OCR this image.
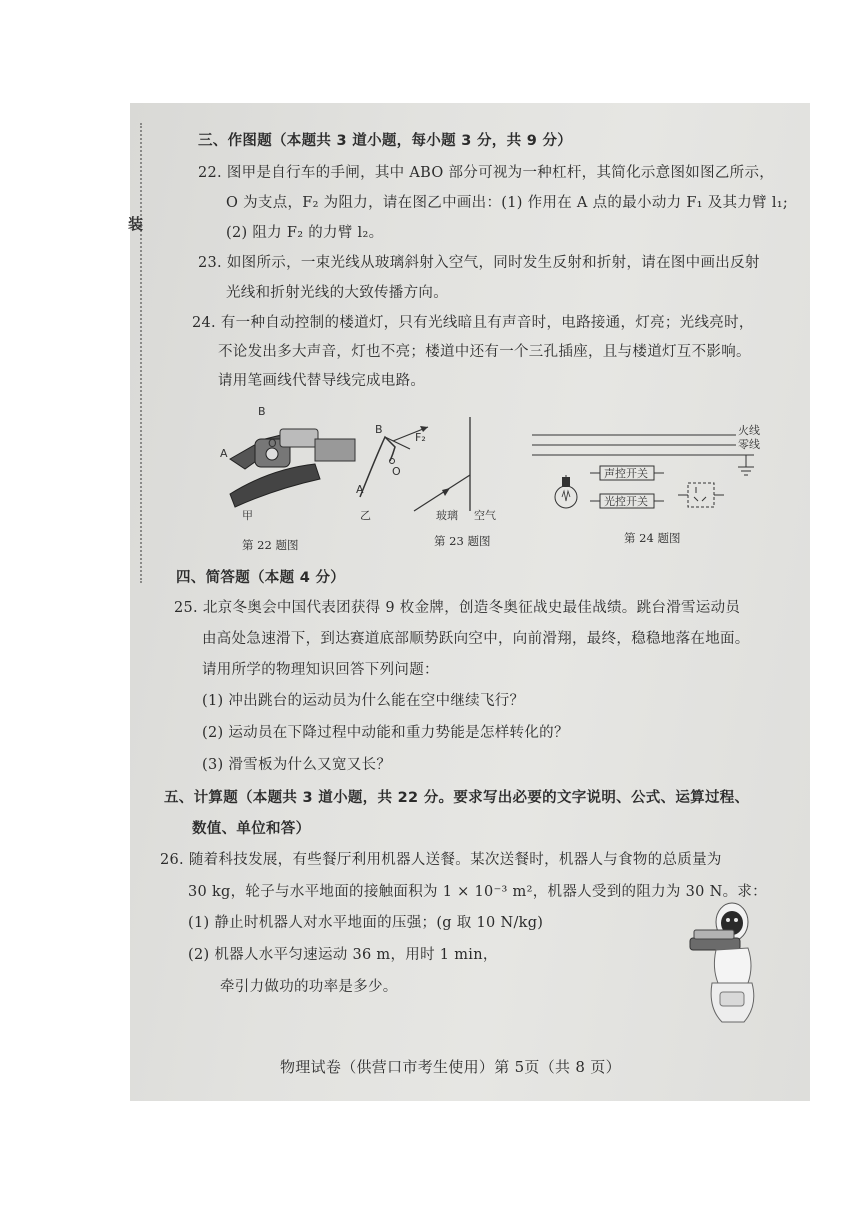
装
三、作图题（本题共 3 道小题，每小题 3 分，共 9 分）
22. 图甲是自行车的手闸，其中 ABO 部分可视为一种杠杆，其简化示意图如图乙所示，
O 为支点，F₂ 为阻力，请在图乙中画出：(1) 作用在 A 点的最小动力 F₁ 及其力臂 l₁;
(2) 阻力 F₂ 的力臂 l₂。
23. 如图所示，一束光线从玻璃斜射入空气，同时发生反射和折射，请在图中画出反射
光线和折射光线的大致传播方向。
24. 有一种自动控制的楼道灯，只有光线暗且有声音时，电路接通，灯亮；光线亮时，
不论发出多大声音，灯也不亮；楼道中还有一个三孔插座，且与楼道灯互不影响。
请用笔画线代替导线完成电路。
B
O
A
B
O
A
F₂
甲	乙
第 22 题图
玻璃 空气
第 23 题图
火线
零线
声控开关
光控开关
第 24 题图
四、简答题（本题 4 分）
25. 北京冬奥会中国代表团获得 9 枚金牌，创造冬奥征战史最佳战绩。跳台滑雪运动员
由高处急速滑下，到达赛道底部顺势跃向空中，向前滑翔，最终，稳稳地落在地面。
请用所学的物理知识回答下列问题：
(1) 冲出跳台的运动员为什么能在空中继续飞行？
(2) 运动员在下降过程中动能和重力势能是怎样转化的？
(3) 滑雪板为什么又宽又长？
五、计算题（本题共 3 道小题，共 22 分。要求写出必要的文字说明、公式、运算过程、
数值、单位和答）
26. 随着科技发展，有些餐厅利用机器人送餐。某次送餐时，机器人与食物的总质量为
30 kg，轮子与水平地面的接触面积为 1 × 10⁻³ m²，机器人受到的阻力为 30 N。求：
(1) 静止时机器人对水平地面的压强；(g 取 10 N/kg)
(2) 机器人水平匀速运动 36 m，用时 1 min，
牵引力做功的功率是多少。
物理试卷（供营口市考生使用）第 5页（共 8 页）
